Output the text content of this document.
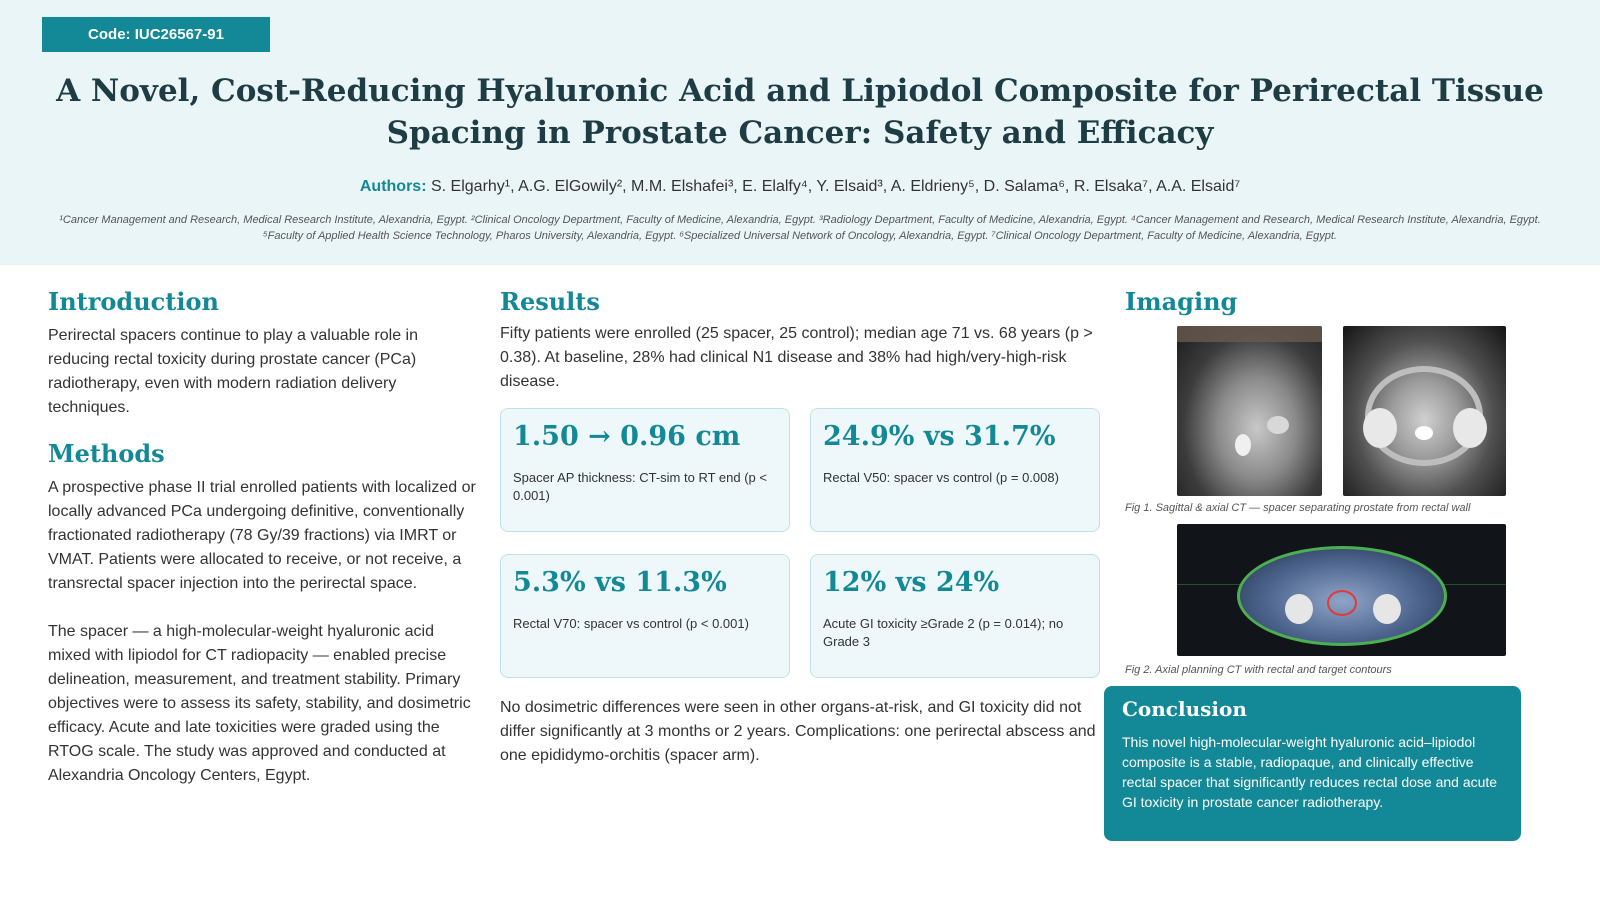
Code: IUC26567-91
A Novel, Cost-Reducing Hyaluronic Acid and Lipiodol Composite for Perirectal Tissue Spacing in Prostate Cancer: Safety and Efficacy
Authors: S. Elgarhy¹, A.G. ElGowily², M.M. Elshafei³, E. Elalfy⁴, Y. Elsaid³, A. Eldrieny⁵, D. Salama⁶, R. Elsaka⁷, A.A. Elsaid⁷
¹Cancer Management and Research, Medical Research Institute, Alexandria, Egypt. ²Clinical Oncology Department, Faculty of Medicine, Alexandria, Egypt. ³Radiology Department, Faculty of Medicine, Alexandria, Egypt. ⁴Cancer Management and Research, Medical Research Institute, Alexandria, Egypt. ⁵Faculty of Applied Health Science Technology, Pharos University, Alexandria, Egypt. ⁶Specialized Universal Network of Oncology, Alexandria, Egypt. ⁷Clinical Oncology Department, Faculty of Medicine, Alexandria, Egypt.
Introduction

Perirectal spacers continue to play a valuable role in reducing rectal toxicity during prostate cancer (PCa) radiotherapy, even with modern radiation delivery techniques.

Methods

A prospective phase II trial enrolled patients with localized or locally advanced PCa undergoing definitive, conventionally fractionated radiotherapy (78 Gy/39 fractions) via IMRT or VMAT. Patients were allocated to receive, or not receive, a transrectal spacer injection into the perirectal space.

The spacer — a high-molecular-weight hyaluronic acid mixed with lipiodol for CT radiopacity — enabled precise delineation, measurement, and treatment stability. Primary objectives were to assess its safety, stability, and dosimetric efficacy. Acute and late toxicities were graded using the RTOG scale. The study was approved and conducted at Alexandria Oncology Centers, Egypt.

Results

Fifty patients were enrolled (25 spacer, 25 control); median age 71 vs. 68 years (p > 0.38). At baseline, 28% had clinical N1 disease and 38% had high/very-high-risk disease.

1.50 → 0.96 cm
Spacer AP thickness: CT-sim to RT end (p < 0.001)
24.9% vs 31.7%
Rectal V50: spacer vs control (p = 0.008)
5.3% vs 11.3%
Rectal V70: spacer vs control (p < 0.001)
12% vs 24%
Acute GI toxicity ≥Grade 2 (p = 0.014); no Grade 3

No dosimetric differences were seen in other organs-at-risk, and GI toxicity did not differ significantly at 3 months or 2 years. Complications: one perirectal abscess and one epididymo-orchitis (spacer arm).

Imaging
Fig 1. Sagittal & axial CT — spacer separating prostate from rectal wall
Fig 2. Axial planning CT with rectal and target contours
Conclusion

This novel high-molecular-weight hyaluronic acid–lipiodol composite is a stable, radiopaque, and clinically effective rectal spacer that significantly reduces rectal dose and acute GI toxicity in prostate cancer radiotherapy.
